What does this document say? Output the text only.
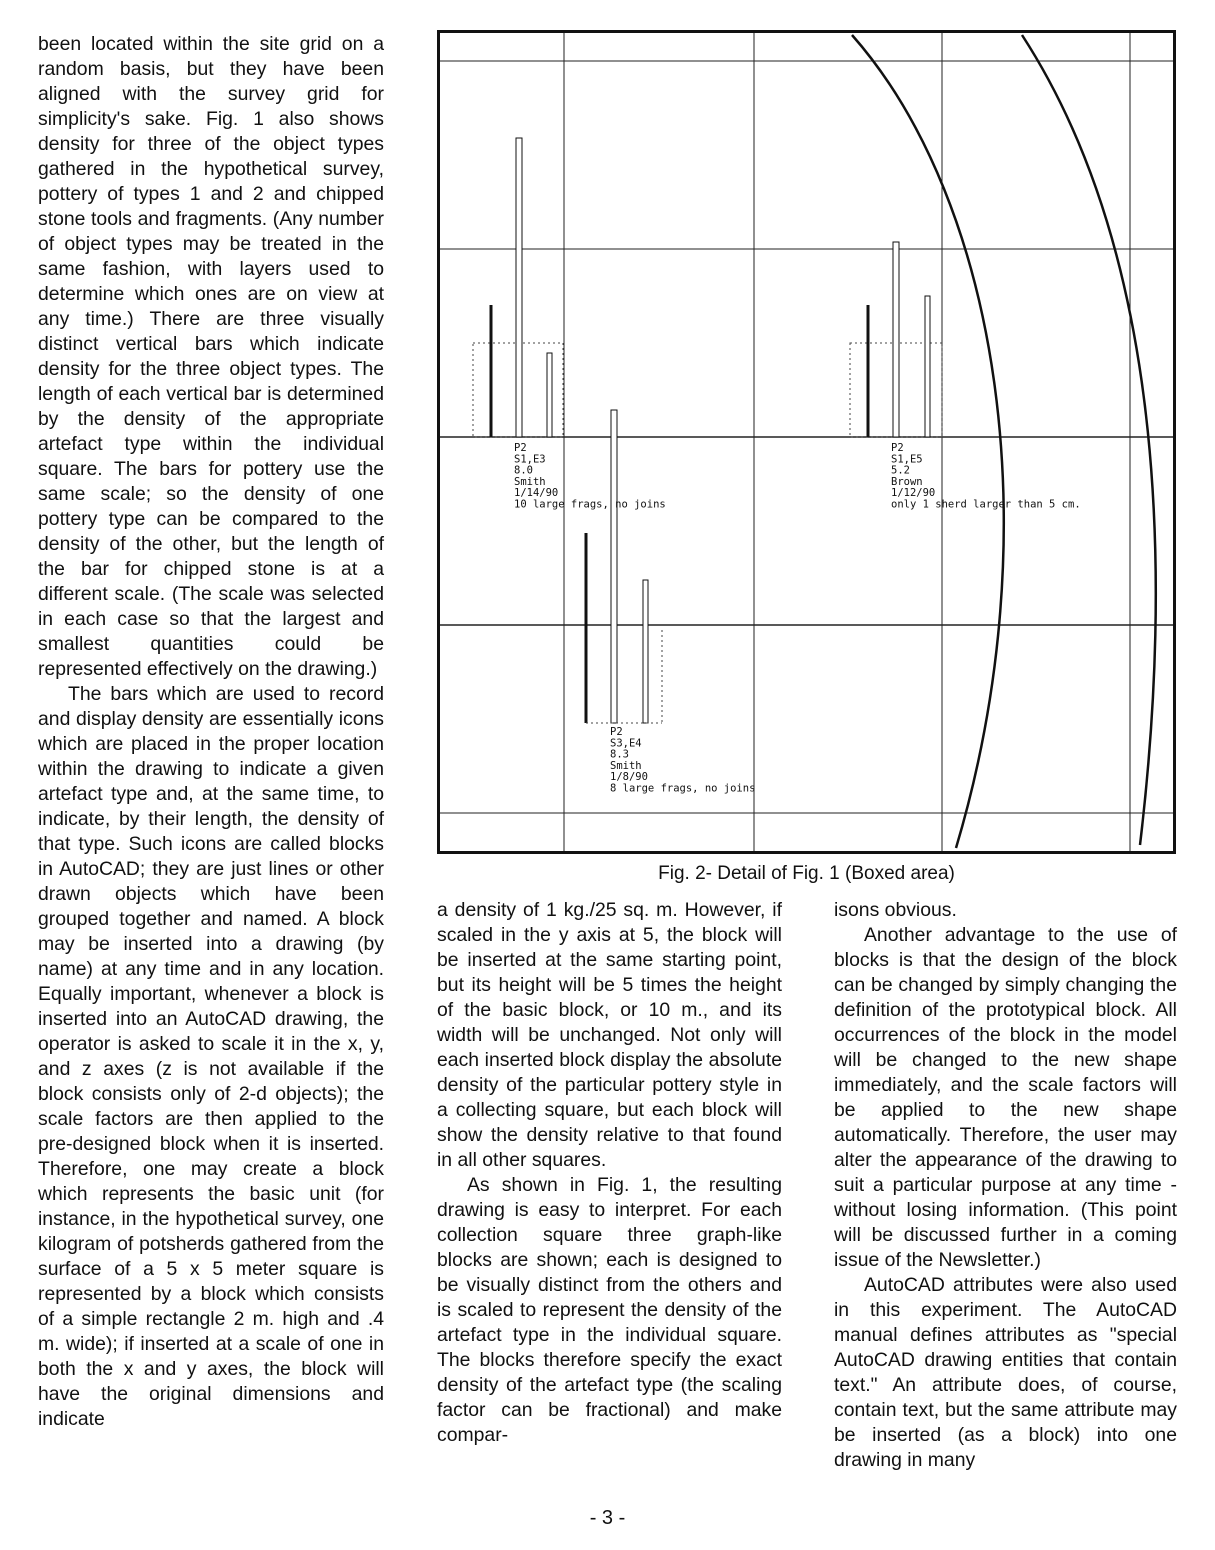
been located within the site grid on a random basis, but they have been aligned with the survey grid for simplicity's sake. Fig. 1 also shows density for three of the object types gathered in the hypothetical survey, pottery of types 1 and 2 and chipped stone tools and fragments. (Any number of object types may be treated in the same fashion, with layers used to determine which ones are on view at any time.) There are three visually distinct vertical bars which indicate density for the three object types. The length of each vertical bar is determined by the density of the appropriate artefact type within the individual square. The bars for pottery use the same scale; so the density of one pottery type can be compared to the density of the other, but the length of the bar for chipped stone is at a different scale. (The scale was selected in each case so that the largest and smallest quantities could be represented effectively on the drawing.)

The bars which are used to record and display density are essentially icons which are placed in the proper location within the drawing to indicate a given artefact type and, at the same time, to indicate, by their length, the density of that type. Such icons are called blocks in AutoCAD; they are just lines or other drawn objects which have been grouped together and named. A block may be inserted into a drawing (by name) at any time and in any location. Equally important, whenever a block is inserted into an AutoCAD drawing, the operator is asked to scale it in the x, y, and z axes (z is not available if the block consists only of 2-d objects); the scale factors are then applied to the pre-designed block when it is inserted. Therefore, one may create a block which represents the basic unit (for instance, in the hypothetical survey, one kilogram of potsherds gathered from the surface of a 5 x 5 meter square is represented by a block which consists of a simple rectangle 2 m. high and .4 m. wide); if inserted at a scale of one in both the x and y axes, the block will have the original dimensions and indicate

P2 S1,E3 8.0 Smith 1/14/90 10 large frags, no joins
P2 S1,E5 5.2 Brown 1/12/90 only 1 sherd larger than 5 cm.
P2 S3,E4 8.3 Smith 1/8/90 8 large frags, no joins
Fig. 2- Detail of Fig. 1 (Boxed area)

a density of 1 kg./25 sq. m. However, if scaled in the y axis at 5, the block will be inserted at the same starting point, but its height will be 5 times the height of the basic block, or 10 m., and its width will be unchanged. Not only will each inserted block display the absolute density of the particular pottery style in a collecting square, but each block will show the density relative to that found in all other squares.

As shown in Fig. 1, the resulting drawing is easy to interpret. For each collection square three graph-like blocks are shown; each is designed to be visually distinct from the others and is scaled to represent the density of the artefact type in the individual square. The blocks therefore specify the exact density of the artefact type (the scaling factor can be fractional) and make compar-

isons obvious.

Another advantage to the use of blocks is that the design of the block can be changed by simply changing the definition of the prototypical block. All occurrences of the block in the model will be changed to the new shape immediately, and the scale factors will be applied to the new shape automatically. Therefore, the user may alter the appearance of the drawing to suit a particular purpose at any time - without losing information. (This point will be discussed further in a coming issue of the Newsletter.)

AutoCAD attributes were also used in this experiment. The AutoCAD manual defines attributes as "special AutoCAD drawing entities that contain text." An attribute does, of course, contain text, but the same attribute may be inserted (as a block) into one drawing in many

- 3 -
